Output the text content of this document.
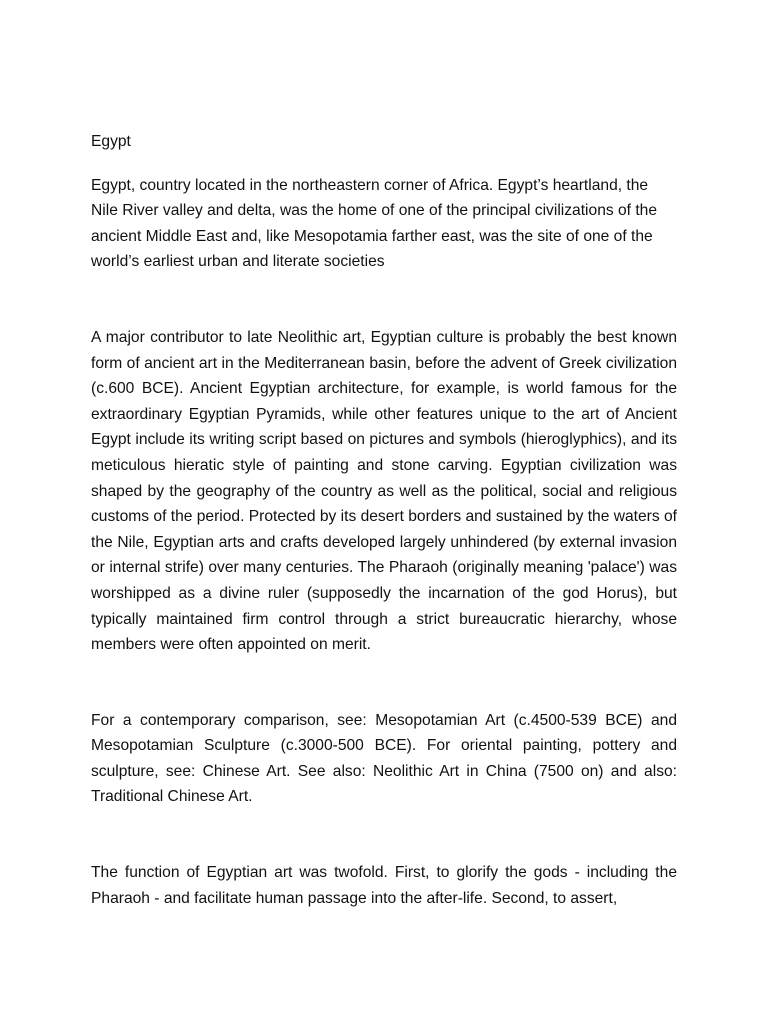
Egypt

Egypt, country located in the northeastern corner of Africa. Egypt’s heartland, the Nile River valley and delta, was the home of one of the principal civilizations of the ancient Middle East and, like Mesopotamia farther east, was the site of one of the world’s earliest urban and literate societies

A major contributor to late Neolithic art, Egyptian culture is probably the best known form of ancient art in the Mediterranean basin, before the advent of Greek civilization (c.600 BCE). Ancient Egyptian architecture, for example, is world famous for the extraordinary Egyptian Pyramids, while other features unique to the art of Ancient Egypt include its writing script based on pictures and symbols (hieroglyphics), and its meticulous hieratic style of painting and stone carving. Egyptian civilization was shaped by the geography of the country as well as the political, social and religious customs of the period. Protected by its desert borders and sustained by the waters of the Nile, Egyptian arts and crafts developed largely unhindered (by external invasion or internal strife) over many centuries. The Pharaoh (originally meaning 'palace') was worshipped as a divine ruler (supposedly the incarnation of the god Horus), but typically maintained firm control through a strict bureaucratic hierarchy, whose members were often appointed on merit.

For a contemporary comparison, see: Mesopotamian Art (c.4500-539 BCE) and Mesopotamian Sculpture (c.3000-500 BCE). For oriental painting, pottery and sculpture, see: Chinese Art. See also: Neolithic Art in China (7500 on) and also: Traditional Chinese Art.

The function of Egyptian art was twofold. First, to glorify the gods - including the Pharaoh - and facilitate human passage into the after-life. Second, to assert,
